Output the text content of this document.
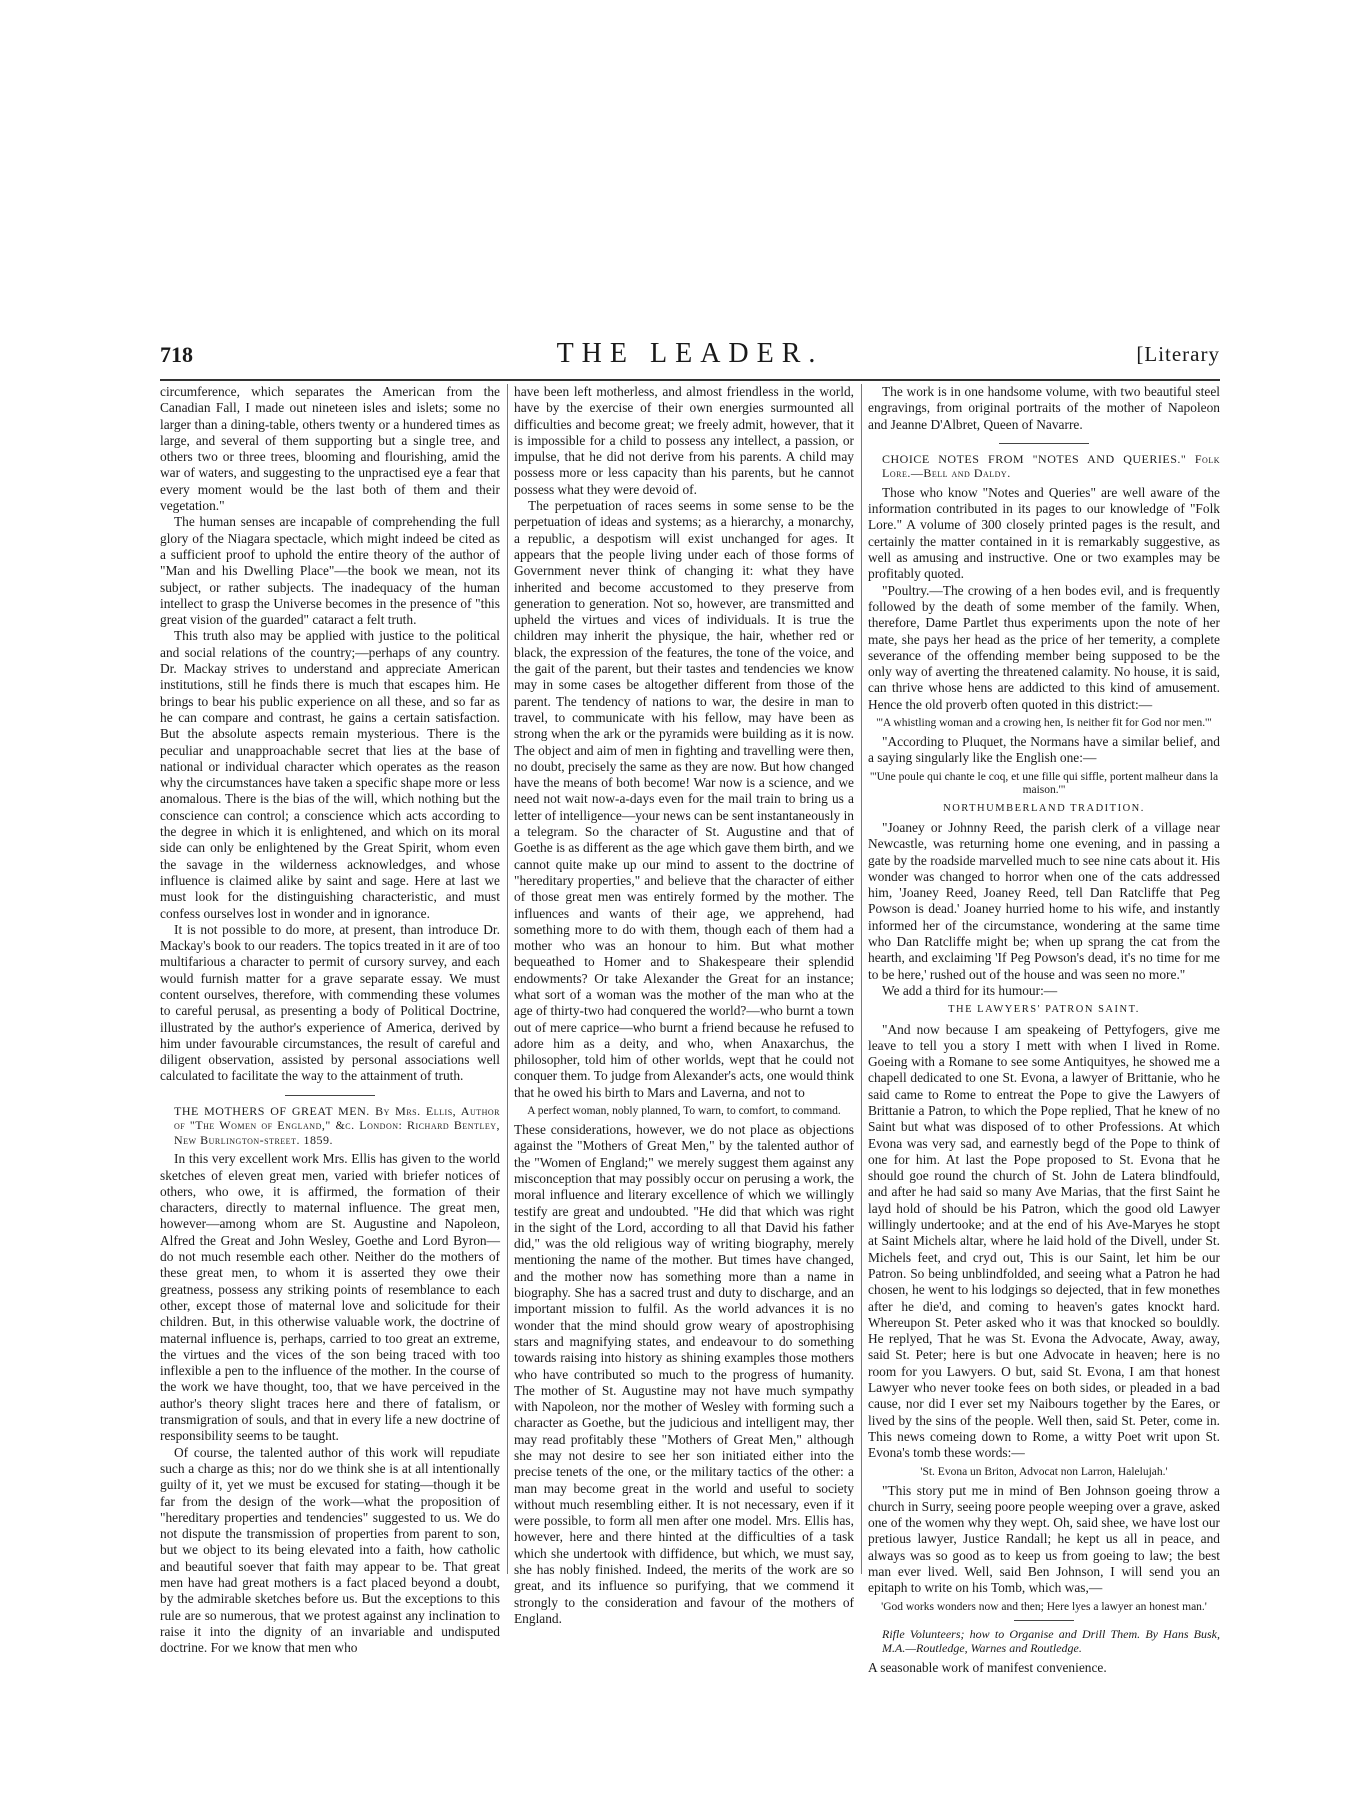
718	THE LEADER.	[Literary

circumference, which separates the American from the Canadian Fall, I made out nineteen isles and islets; some no larger than a dining-table, others twenty or a hundered times as large, and several of them supporting but a single tree, and others two or three trees, blooming and flourishing, amid the war of waters, and suggesting to the unpractised eye a fear that every moment would be the last both of them and their vegetation."

The human senses are incapable of comprehending the full glory of the Niagara spectacle, which might indeed be cited as a sufficient proof to uphold the entire theory of the author of "Man and his Dwelling Place"—the book we mean, not its subject, or rather subjects. The inadequacy of the human intellect to grasp the Universe becomes in the presence of "this great vision of the guarded" cataract a felt truth.

This truth also may be applied with justice to the political and social relations of the country;—perhaps of any country. Dr. Mackay strives to understand and appreciate American institutions, still he finds there is much that escapes him. He brings to bear his public experience on all these, and so far as he can compare and contrast, he gains a certain satisfaction. But the absolute aspects remain mysterious. There is the peculiar and unapproachable secret that lies at the base of national or individual character which operates as the reason why the circumstances have taken a specific shape more or less anomalous. There is the bias of the will, which nothing but the conscience can control; a conscience which acts according to the degree in which it is enlightened, and which on its moral side can only be enlightened by the Great Spirit, whom even the savage in the wilderness acknowledges, and whose influence is claimed alike by saint and sage. Here at last we must look for the distinguishing characteristic, and must confess ourselves lost in wonder and in ignorance.

It is not possible to do more, at present, than introduce Dr. Mackay's book to our readers. The topics treated in it are of too multifarious a character to permit of cursory survey, and each would furnish matter for a grave separate essay. We must content ourselves, therefore, with commending these volumes to careful perusal, as presenting a body of Political Doctrine, illustrated by the author's experience of America, derived by him under favourable circumstances, the result of careful and diligent observation, assisted by personal associations well calculated to facilitate the way to the attainment of truth.

THE MOTHERS OF GREAT MEN. By Mrs. Ellis, Author of "The Women of England," &c. London: Richard Bentley, New Burlington-street. 1859.

In this very excellent work Mrs. Ellis has given to the world sketches of eleven great men, varied with briefer notices of others, who owe, it is affirmed, the formation of their characters, directly to maternal influence. The great men, however—among whom are St. Augustine and Napoleon, Alfred the Great and John Wesley, Goethe and Lord Byron—do not much resemble each other. Neither do the mothers of these great men, to whom it is asserted they owe their greatness, possess any striking points of resemblance to each other, except those of maternal love and solicitude for their children. But, in this otherwise valuable work, the doctrine of maternal influence is, perhaps, carried to too great an extreme, the virtues and the vices of the son being traced with too inflexible a pen to the influence of the mother. In the course of the work we have thought, too, that we have perceived in the author's theory slight traces here and there of fatalism, or transmigration of souls, and that in every life a new doctrine of responsibility seems to be taught.

Of course, the talented author of this work will repudiate such a charge as this; nor do we think she is at all intentionally guilty of it, yet we must be excused for stating—though it be far from the design of the work—what the proposition of "hereditary properties and tendencies" suggested to us. We do not dispute the transmission of properties from parent to son, but we object to its being elevated into a faith, how catholic and beautiful soever that faith may appear to be. That great men have had great mothers is a fact placed beyond a doubt, by the admirable sketches before us. But the exceptions to this rule are so numerous, that we protest against any inclination to raise it into the dignity of an invariable and undisputed doctrine. For we know that men who

have been left motherless, and almost friendless in the world, have by the exercise of their own energies surmounted all difficulties and become great; we freely admit, however, that it is impossible for a child to possess any intellect, a passion, or impulse, that he did not derive from his parents. A child may possess more or less capacity than his parents, but he cannot possess what they were devoid of.

The perpetuation of races seems in some sense to be the perpetuation of ideas and systems; as a hierarchy, a monarchy, a republic, a despotism will exist unchanged for ages. It appears that the people living under each of those forms of Government never think of changing it: what they have inherited and become accustomed to they preserve from generation to generation. Not so, however, are transmitted and upheld the virtues and vices of individuals. It is true the children may inherit the physique, the hair, whether red or black, the expression of the features, the tone of the voice, and the gait of the parent, but their tastes and tendencies we know may in some cases be altogether different from those of the parent. The tendency of nations to war, the desire in man to travel, to communicate with his fellow, may have been as strong when the ark or the pyramids were building as it is now. The object and aim of men in fighting and travelling were then, no doubt, precisely the same as they are now. But how changed have the means of both become! War now is a science, and we need not wait now-a-days even for the mail train to bring us a letter of intelligence—your news can be sent instantaneously in a telegram. So the character of St. Augustine and that of Goethe is as different as the age which gave them birth, and we cannot quite make up our mind to assent to the doctrine of "hereditary properties," and believe that the character of either of those great men was entirely formed by the mother. The influences and wants of their age, we apprehend, had something more to do with them, though each of them had a mother who was an honour to him. But what mother bequeathed to Homer and to Shakespeare their splendid endowments? Or take Alexander the Great for an instance; what sort of a woman was the mother of the man who at the age of thirty-two had conquered the world?—who burnt a town out of mere caprice—who burnt a friend because he refused to adore him as a deity, and who, when Anaxarchus, the philosopher, told him of other worlds, wept that he could not conquer them. To judge from Alexander's acts, one would think that he owed his birth to Mars and Laverna, and not to

A perfect woman, nobly planned, To warn, to comfort, to command.

These considerations, however, we do not place as objections against the "Mothers of Great Men," by the talented author of the "Women of England;" we merely suggest them against any misconception that may possibly occur on perusing a work, the moral influence and literary excellence of which we willingly testify are great and undoubted. "He did that which was right in the sight of the Lord, according to all that David his father did," was the old religious way of writing biography, merely mentioning the name of the mother. But times have changed, and the mother now has something more than a name in biography. She has a sacred trust and duty to discharge, and an important mission to fulfil. As the world advances it is no wonder that the mind should grow weary of apostrophising stars and magnifying states, and endeavour to do something towards raising into history as shining examples those mothers who have contributed so much to the progress of humanity. The mother of St. Augustine may not have much sympathy with Napoleon, nor the mother of Wesley with forming such a character as Goethe, but the judicious and intelligent may, ther may read profitably these "Mothers of Great Men," although she may not desire to see her son initiated either into the precise tenets of the one, or the military tactics of the other: a man may become great in the world and useful to society without much resembling either. It is not necessary, even if it were possible, to form all men after one model. Mrs. Ellis has, however, here and there hinted at the difficulties of a task which she undertook with diffidence, but which, we must say, she has nobly finished. Indeed, the merits of the work are so great, and its influence so purifying, that we commend it strongly to the consideration and favour of the mothers of England.

The work is in one handsome volume, with two beautiful steel engravings, from original portraits of the mother of Napoleon and Jeanne D'Albret, Queen of Navarre.

CHOICE NOTES FROM "NOTES AND QUERIES." Folk Lore.—Bell and Daldy.

Those who know "Notes and Queries" are well aware of the information contributed in its pages to our knowledge of "Folk Lore." A volume of 300 closely printed pages is the result, and certainly the matter contained in it is remarkably suggestive, as well as amusing and instructive. One or two examples may be profitably quoted.

"Poultry.—The crowing of a hen bodes evil, and is frequently followed by the death of some member of the family. When, therefore, Dame Partlet thus experiments upon the note of her mate, she pays her head as the price of her temerity, a complete severance of the offending member being supposed to be the only way of averting the threatened calamity. No house, it is said, can thrive whose hens are addicted to this kind of amusement. Hence the old proverb often quoted in this district:—

"'A whistling woman and a crowing hen, Is neither fit for God nor men.'"

"According to Pluquet, the Normans have a similar belief, and a saying singularly like the English one:—

"'Une poule qui chante le coq, et une fille qui siffle, portent malheur dans la maison.'"

NORTHUMBERLAND TRADITION.

"Joaney or Johnny Reed, the parish clerk of a village near Newcastle, was returning home one evening, and in passing a gate by the roadside marvelled much to see nine cats about it. His wonder was changed to horror when one of the cats addressed him, 'Joaney Reed, Joaney Reed, tell Dan Ratcliffe that Peg Powson is dead.' Joaney hurried home to his wife, and instantly informed her of the circumstance, wondering at the same time who Dan Ratcliffe might be; when up sprang the cat from the hearth, and exclaiming 'If Peg Powson's dead, it's no time for me to be here,' rushed out of the house and was seen no more."

We add a third for its humour:—

THE LAWYERS' PATRON SAINT.

"And now because I am speakeing of Pettyfogers, give me leave to tell you a story I mett with when I lived in Rome. Goeing with a Romane to see some Antiquityes, he showed me a chapell dedicated to one St. Evona, a lawyer of Brittanie, who he said came to Rome to entreat the Pope to give the Lawyers of Brittanie a Patron, to which the Pope replied, That he knew of no Saint but what was disposed of to other Professions. At which Evona was very sad, and earnestly begd of the Pope to think of one for him. At last the Pope proposed to St. Evona that he should goe round the church of St. John de Latera blindfould, and after he had said so many Ave Marias, that the first Saint he layd hold of should be his Patron, which the good old Lawyer willingly undertooke; and at the end of his Ave-Maryes he stopt at Saint Michels altar, where he laid hold of the Divell, under St. Michels feet, and cryd out, This is our Saint, let him be our Patron. So being unblindfolded, and seeing what a Patron he had chosen, he went to his lodgings so dejected, that in few monethes after he die'd, and coming to heaven's gates knockt hard. Whereupon St. Peter asked who it was that knocked so bouldly. He replyed, That he was St. Evona the Advocate, Away, away, said St. Peter; here is but one Advocate in heaven; here is no room for you Lawyers. O but, said St. Evona, I am that honest Lawyer who never tooke fees on both sides, or pleaded in a bad cause, nor did I ever set my Naibours together by the Eares, or lived by the sins of the people. Well then, said St. Peter, come in. This news comeing down to Rome, a witty Poet writ upon St. Evona's tomb these words:—

'St. Evona un Briton, Advocat non Larron, Halelujah.'

"This story put me in mind of Ben Johnson goeing throw a church in Surry, seeing poore people weeping over a grave, asked one of the women why they wept. Oh, said shee, we have lost our pretious lawyer, Justice Randall; he kept us all in peace, and always was so good as to keep us from goeing to law; the best man ever lived. Well, said Ben Johnson, I will send you an epitaph to write on his Tomb, which was,—

'God works wonders now and then; Here lyes a lawyer an honest man.'

Rifle Volunteers; how to Organise and Drill Them. By Hans Busk, M.A.—Routledge, Warnes and Routledge.

A seasonable work of manifest convenience.
